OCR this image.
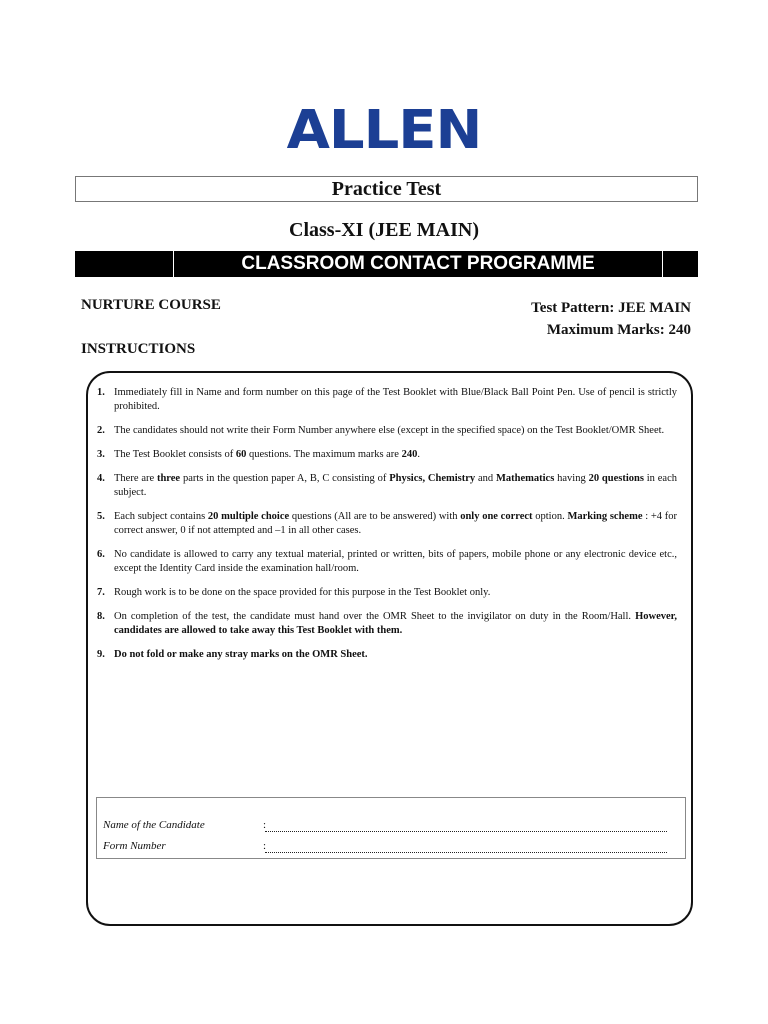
ALLEN
Practice Test
Class-XI (JEE MAIN)
CLASSROOM CONTACT PROGRAMME
NURTURE COURSE	Test Pattern: JEE MAIN
Maximum Marks: 240
INSTRUCTIONS
1. Immediately fill in Name and form number on this page of the Test Booklet with Blue/Black Ball Point Pen. Use of pencil is strictly prohibited.
2. The candidates should not write their Form Number anywhere else (except in the specified space) on the Test Booklet/OMR Sheet.
3. The Test Booklet consists of 60 questions. The maximum marks are 240.
4. There are three parts in the question paper A, B, C consisting of Physics, Chemistry and Mathematics having 20 questions in each subject.
5. Each subject contains 20 multiple choice questions (All are to be answered) with only one correct option. Marking scheme : +4 for correct answer, 0 if not attempted and –1 in all other cases.
6. No candidate is allowed to carry any textual material, printed or written, bits of papers, mobile phone or any electronic device etc., except the Identity Card inside the examination hall/room.
7. Rough work is to be done on the space provided for this purpose in the Test Booklet only.
8. On completion of the test, the candidate must hand over the OMR Sheet to the invigilator on duty in the Room/Hall. However, candidates are allowed to take away this Test Booklet with them.
9. Do not fold or make any stray marks on the OMR Sheet.
Name of the Candidate	:
Form Number	:
